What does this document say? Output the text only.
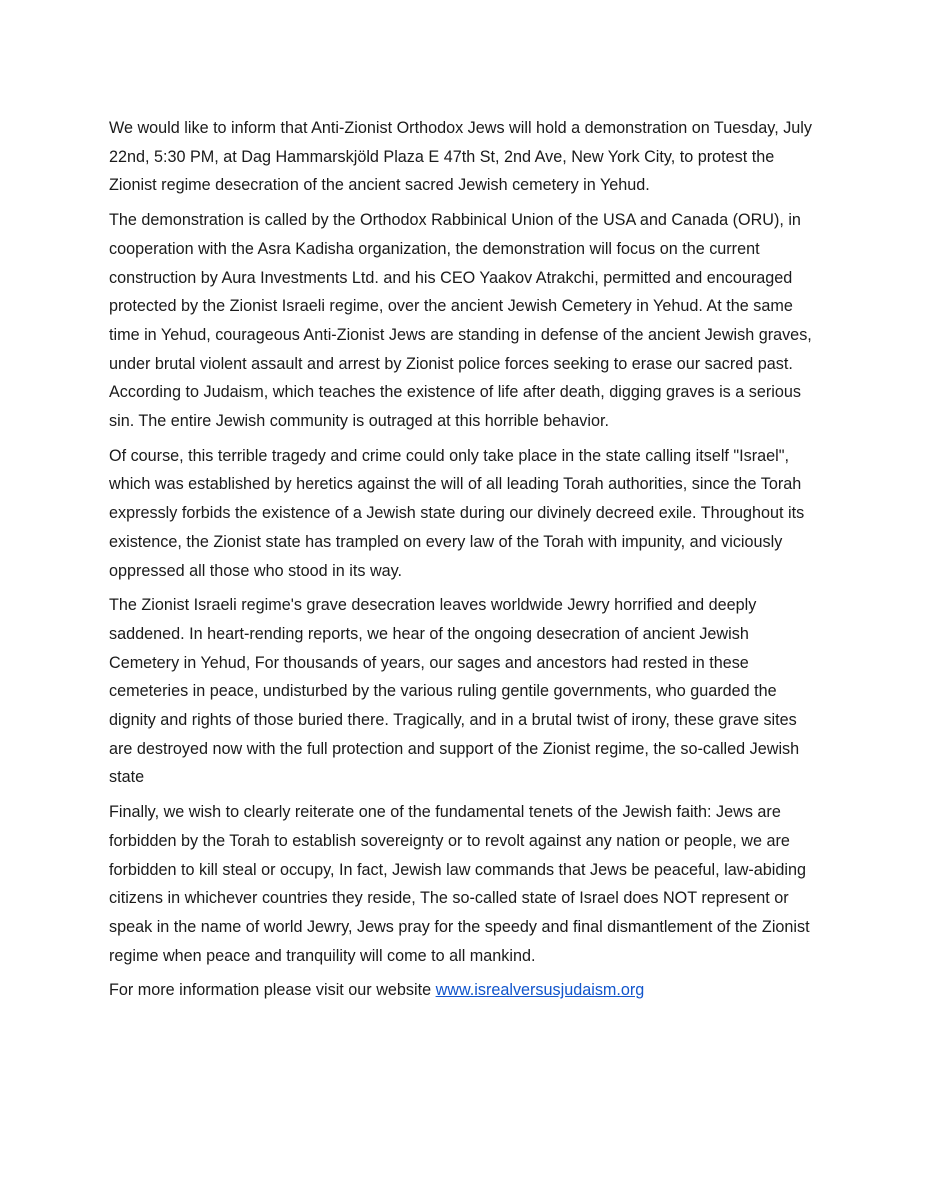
We would like to inform that Anti-Zionist Orthodox Jews will hold a demonstration on Tuesday, July 22nd, 5:30 PM, at Dag Hammarskjöld Plaza E 47th St, 2nd Ave, New York City, to protest the Zionist regime desecration of the ancient sacred Jewish cemetery in Yehud.

The demonstration is called by the Orthodox Rabbinical Union of the USA and Canada (ORU), in cooperation with the Asra Kadisha organization, the demonstration will focus on the current construction by Aura Investments Ltd. and his CEO Yaakov Atrakchi, permitted and encouraged protected by the Zionist Israeli regime, over the ancient Jewish Cemetery in Yehud. At the same time in Yehud, courageous Anti-Zionist Jews are standing in defense of the ancient Jewish graves, under brutal violent assault and arrest by Zionist police forces seeking to erase our sacred past. According to Judaism, which teaches the existence of life after death, digging graves is a serious sin. The entire Jewish community is outraged at this horrible behavior.

Of course, this terrible tragedy and crime could only take place in the state calling itself "Israel", which was established by heretics against the will of all leading Torah authorities, since the Torah expressly forbids the existence of a Jewish state during our divinely decreed exile. Throughout its existence, the Zionist state has trampled on every law of the Torah with impunity, and viciously oppressed all those who stood in its way.

The Zionist Israeli regime's grave desecration leaves worldwide Jewry horrified and deeply saddened. In heart-rending reports, we hear of the ongoing desecration of ancient Jewish Cemetery in Yehud, For thousands of years, our sages and ancestors had rested in these cemeteries in peace, undisturbed by the various ruling gentile governments, who guarded the dignity and rights of those buried there. Tragically, and in a brutal twist of irony, these grave sites are destroyed now with the full protection and support of the Zionist regime, the so-called Jewish state

Finally, we wish to clearly reiterate one of the fundamental tenets of the Jewish faith: Jews are forbidden by the Torah to establish sovereignty or to revolt against any nation or people, we are forbidden to kill steal or occupy, In fact, Jewish law commands that Jews be peaceful, law-abiding citizens in whichever countries they reside, The so-called state of Israel does NOT represent or speak in the name of world Jewry, Jews pray for the speedy and final dismantlement of the Zionist regime when peace and tranquility will come to all mankind.

For more information please visit our website www.isrealversusjudaism.org
